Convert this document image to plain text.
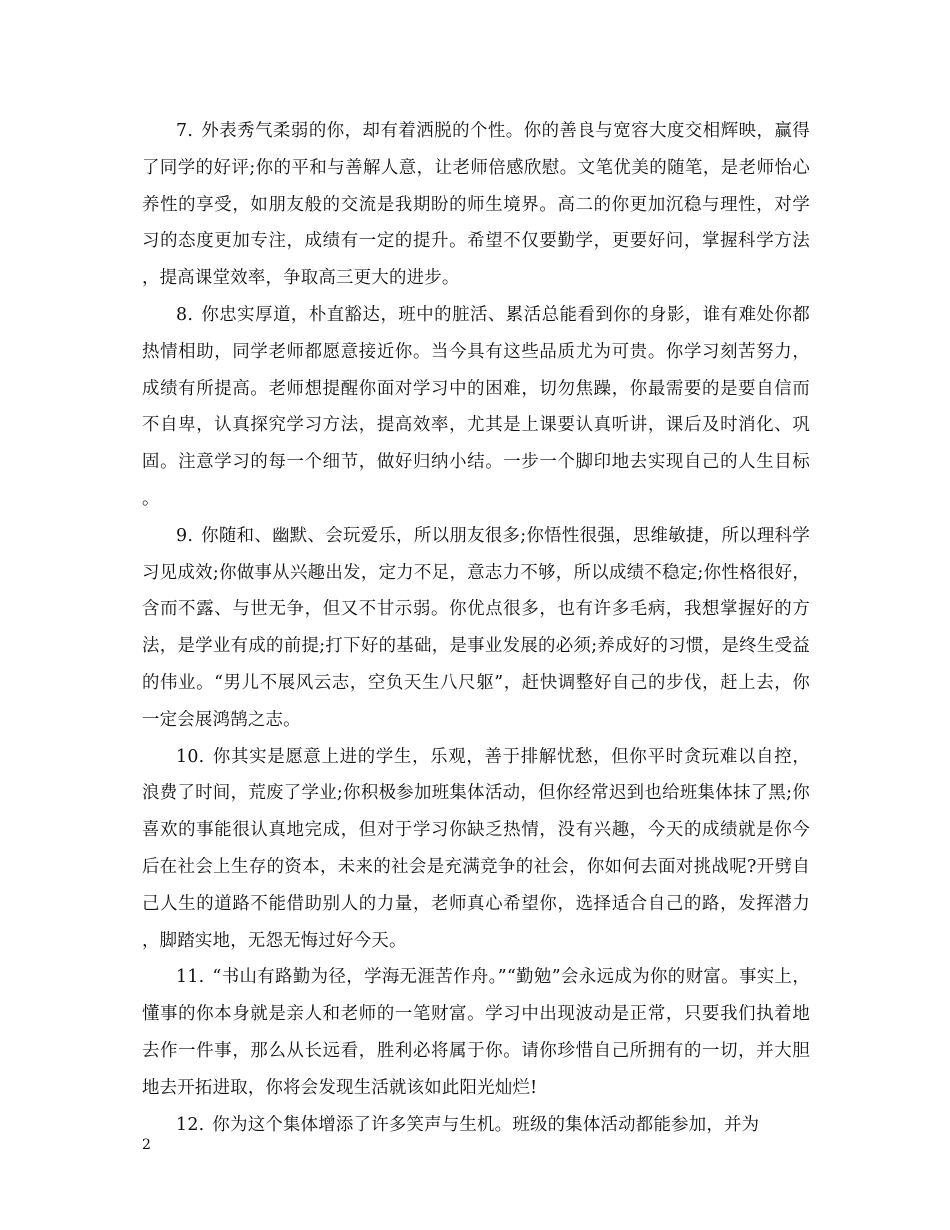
7. 外表秀气柔弱的你，却有着洒脱的个性。你的善良与宽容大度交相辉映，赢得了同学的好评;你的平和与善解人意，让老师倍感欣慰。文笔优美的随笔，是老师怡心养性的享受，如朋友般的交流是我期盼的师生境界。高二的你更加沉稳与理性，对学习的态度更加专注，成绩有一定的提升。希望不仅要勤学，更要好问，掌握科学方法，提高课堂效率，争取高三更大的进步。

8. 你忠实厚道，朴直豁达，班中的脏活、累活总能看到你的身影，谁有难处你都热情相助，同学老师都愿意接近你。当今具有这些品质尤为可贵。你学习刻苦努力，成绩有所提高。老师想提醒你面对学习中的困难，切勿焦躁，你最需要的是要自信而不自卑，认真探究学习方法，提高效率，尤其是上课要认真听讲，课后及时消化、巩固。注意学习的每一个细节，做好归纳小结。一步一个脚印地去实现自己的人生目标。

9. 你随和、幽默、会玩爱乐，所以朋友很多;你悟性很强，思维敏捷，所以理科学习见成效;你做事从兴趣出发，定力不足，意志力不够，所以成绩不稳定;你性格很好，含而不露、与世无争，但又不甘示弱。你优点很多，也有许多毛病，我想掌握好的方法，是学业有成的前提;打下好的基础，是事业发展的必须;养成好的习惯，是终生受益的伟业。“男儿不展风云志，空负天生八尺躯”，赶快调整好自己的步伐，赶上去，你一定会展鸿鹄之志。

10. 你其实是愿意上进的学生，乐观，善于排解忧愁，但你平时贪玩难以自控，浪费了时间，荒废了学业;你积极参加班集体活动，但你经常迟到也给班集体抹了黑;你喜欢的事能很认真地完成，但对于学习你缺乏热情，没有兴趣，今天的成绩就是你今后在社会上生存的资本，未来的社会是充满竞争的社会，你如何去面对挑战呢?开劈自己人生的道路不能借助别人的力量，老师真心希望你，选择适合自己的路，发挥潜力，脚踏实地，无怨无悔过好今天。

11. “书山有路勤为径，学海无涯苦作舟。”“勤勉”会永远成为你的财富。事实上，懂事的你本身就是亲人和老师的一笔财富。学习中出现波动是正常，只要我们执着地去作一件事，那么从长远看，胜利必将属于你。请你珍惜自己所拥有的一切，并大胆地去开拓进取，你将会发现生活就该如此阳光灿烂!

12. 你为这个集体增添了许多笑声与生机。班级的集体活动都能参加，并为

2
